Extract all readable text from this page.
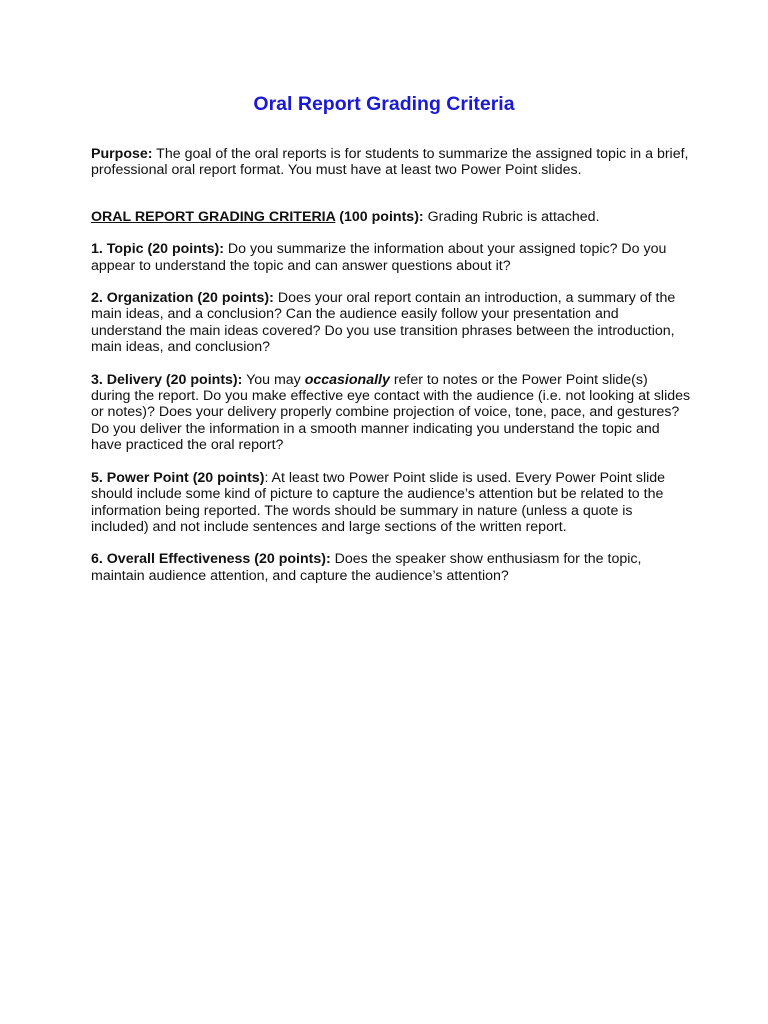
Oral Report Grading Criteria

Purpose: The goal of the oral reports is for students to summarize the assigned topic in a brief, professional oral report format. You must have at least two Power Point slides.

ORAL REPORT GRADING CRITERIA (100 points): Grading Rubric is attached.

1. Topic (20 points): Do you summarize the information about your assigned topic? Do you appear to understand the topic and can answer questions about it?

2. Organization (20 points): Does your oral report contain an introduction, a summary of the main ideas, and a conclusion? Can the audience easily follow your presentation and understand the main ideas covered? Do you use transition phrases between the introduction, main ideas, and conclusion?

3. Delivery (20 points): You may occasionally refer to notes or the Power Point slide(s) during the report. Do you make effective eye contact with the audience (i.e. not looking at slides or notes)? Does your delivery properly combine projection of voice, tone, pace, and gestures? Do you deliver the information in a smooth manner indicating you understand the topic and have practiced the oral report?

5. Power Point (20 points): At least two Power Point slide is used. Every Power Point slide should include some kind of picture to capture the audience’s attention but be related to the information being reported. The words should be summary in nature (unless a quote is included) and not include sentences and large sections of the written report.

6. Overall Effectiveness (20 points): Does the speaker show enthusiasm for the topic, maintain audience attention, and capture the audience’s attention?
